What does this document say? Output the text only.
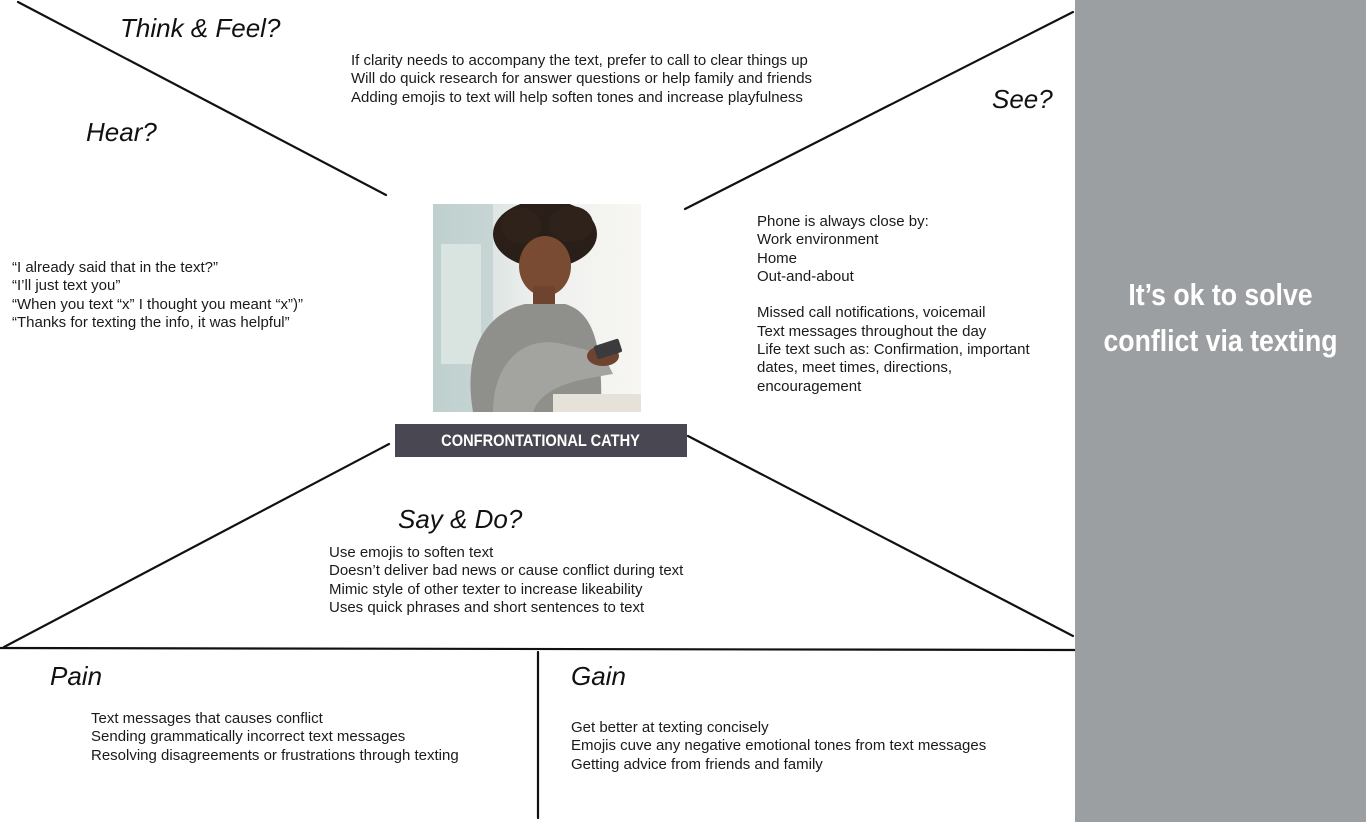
Think & Feel?
If clarity needs to accompany the text, prefer to call to clear things up
Will do quick research for answer questions or help family and friends
Adding emojis to text will help soften tones and increase playfulness
Hear?
“I already said that in the text?”
“I’ll just text you”
“When you text “x” I thought you meant “x”)”
“Thanks for texting the info, it was helpful”
See?
Phone is always close by:
Work environment
Home
Out-and-about
Missed call notifications, voicemail
Text messages throughout the day
Life text such as: Confirmation, important
dates, meet times, directions,
encouragement
CONFRONTATIONAL CATHY
Say & Do?
Use emojis to soften text
Doesn’t deliver bad news or cause conflict during text
Mimic style of other texter to increase likeability
Uses quick phrases and short sentences to text
Pain
Text messages that causes conflict
Sending grammatically incorrect text messages
Resolving disagreements or frustrations through texting
Gain
Get better at texting concisely
Emojis cuve any negative emotional tones from text messages
Getting advice from friends and family
It’s ok to solve
conflict via texting
